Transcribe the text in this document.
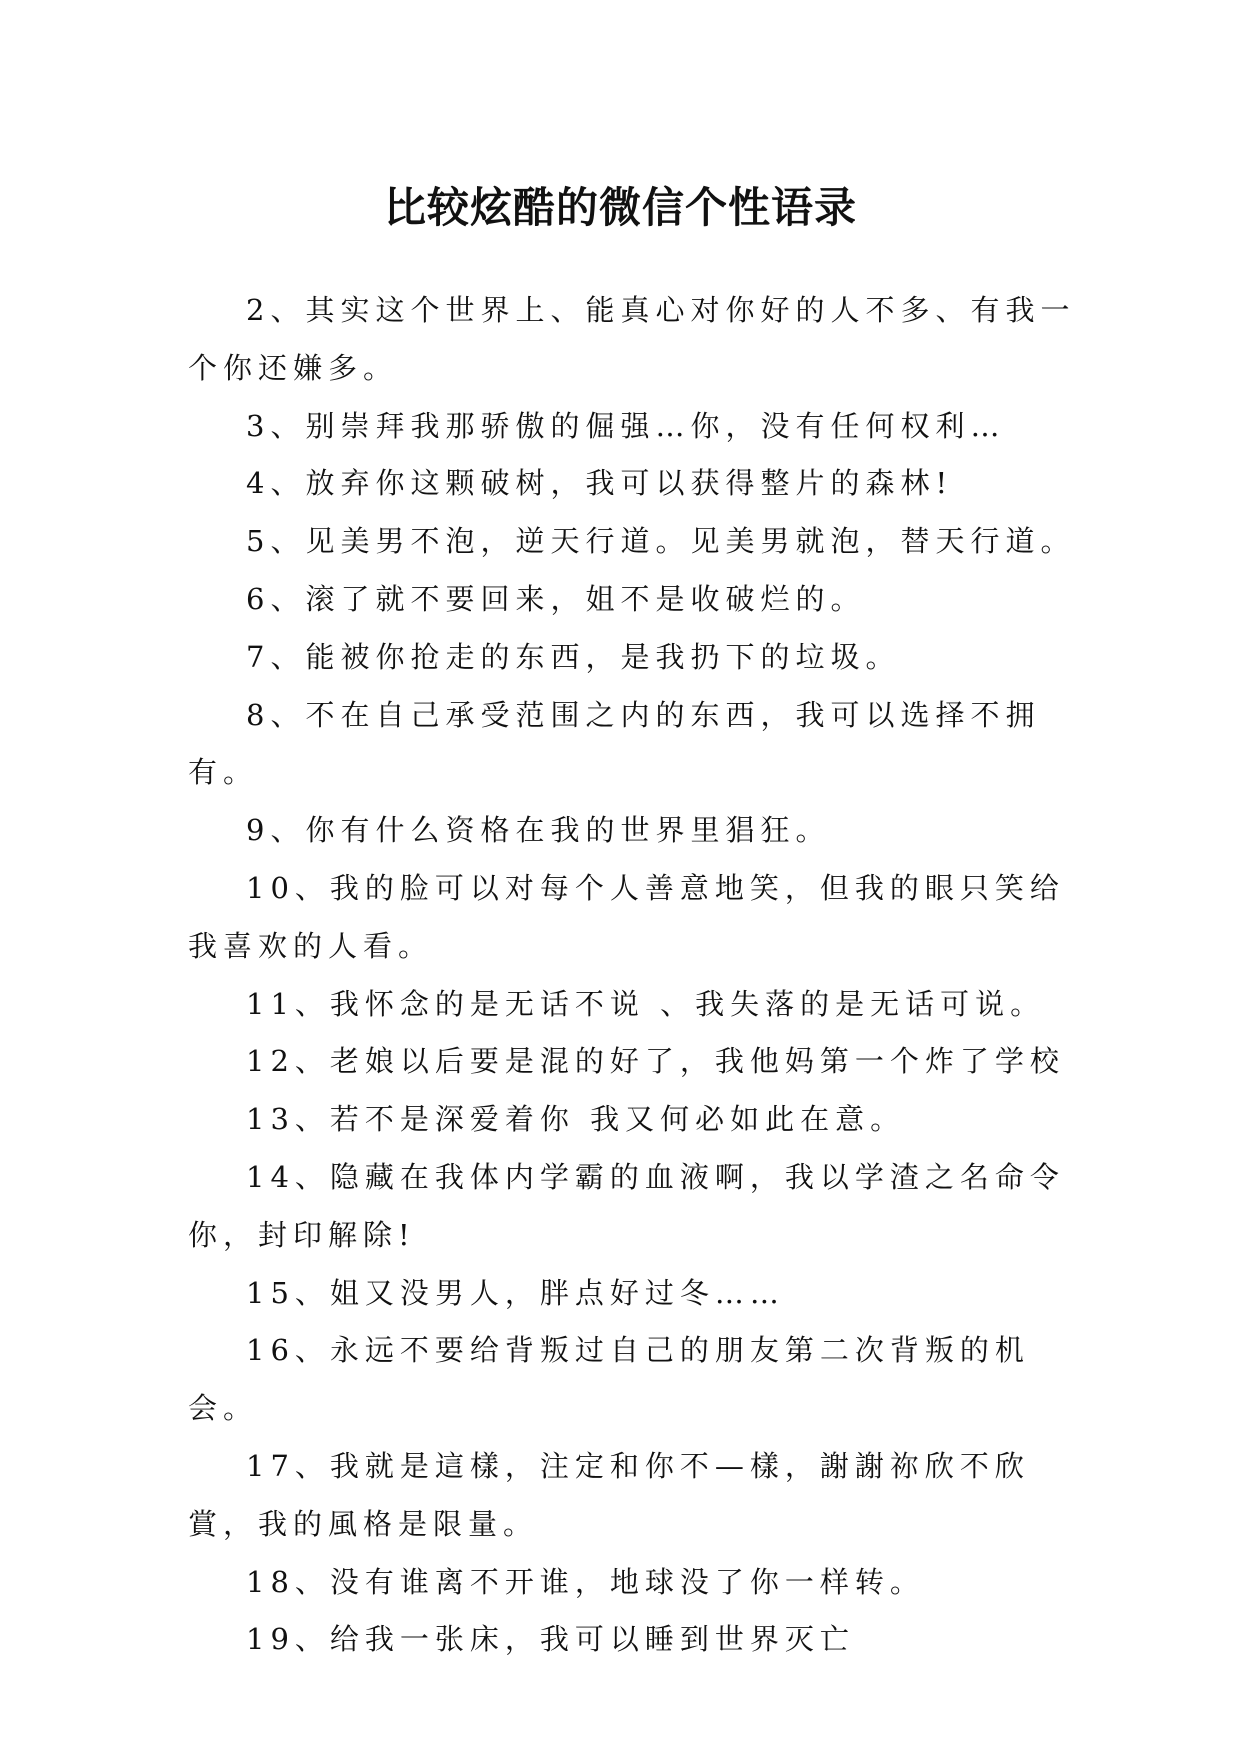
比较炫酷的微信个性语录

2、其实这个世界上、能真心对你好的人不多、有我一个你还嫌多。

3、别崇拜我那骄傲的倔强…你，没有任何权利…

4、放弃你这颗破树，我可以获得整片的森林!

5、见美男不泡，逆天行道。见美男就泡，替天行道。

6、滚了就不要回来，姐不是收破烂的。

7、能被你抢走的东西，是我扔下的垃圾。

8、不在自己承受范围之内的东西，我可以选择不拥有。

9、你有什么资格在我的世界里猖狂。

10、我的脸可以对每个人善意地笑，但我的眼只笑给我喜欢的人看。

11、我怀念的是无话不说 、我失落的是无话可说。

12、老娘以后要是混的好了，我他妈第一个炸了学校

13、若不是深爱着你 我又何必如此在意。

14、隐藏在我体内学霸的血液啊，我以学渣之名命令你，封印解除!

15、姐又没男人，胖点好过冬……

16、永远不要给背叛过自己的朋友第二次背叛的机会。

17、我就是這樣，注定和你不—樣，謝謝祢欣不欣賞，我的風格是限量。

18、没有谁离不开谁，地球没了你一样转。

19、给我一张床，我可以睡到世界灭亡
